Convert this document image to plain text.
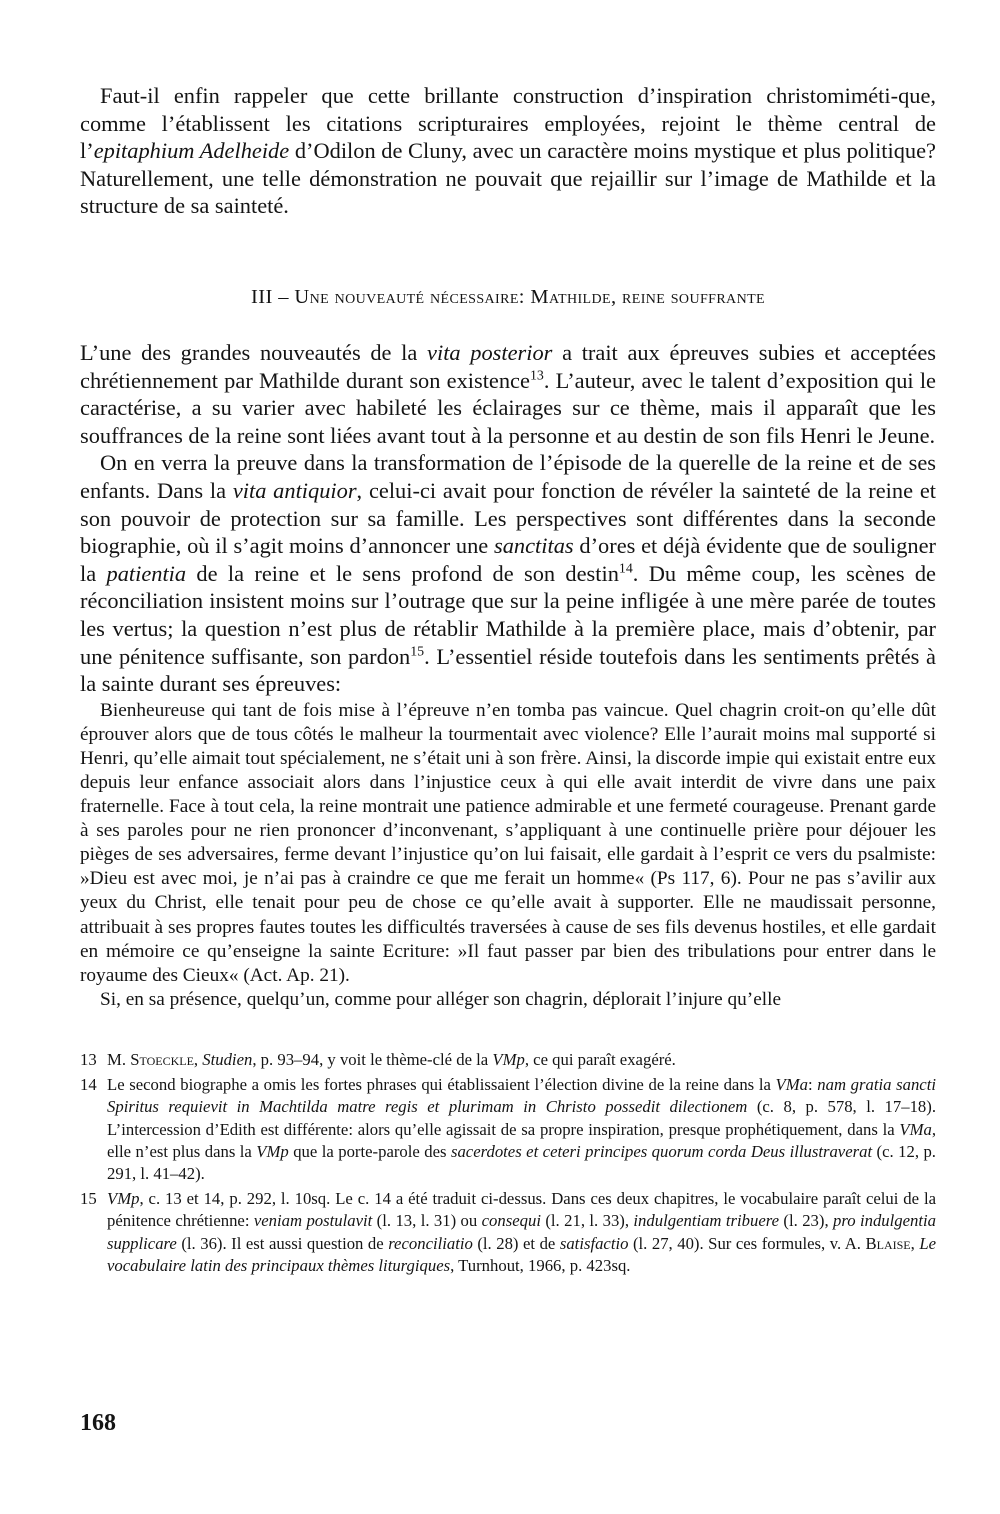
Faut-il enfin rappeler que cette brillante construction d’inspiration christomiméti-que, comme l’établissent les citations scripturaires employées, rejoint le thème central de l’epitaphium Adelheide d’Odilon de Cluny, avec un caractère moins mystique et plus politique? Naturellement, une telle démonstration ne pouvait que rejaillir sur l’image de Mathilde et la structure de sa sainteté.

III – Une nouveauté nécessaire: Mathilde, reine souffrante

L’une des grandes nouveautés de la vita posterior a trait aux épreuves subies et acceptées chrétiennement par Mathilde durant son existence$^{13}$. L’auteur, avec le talent d’exposition qui le caractérise, a su varier avec habileté les éclairages sur ce thème, mais il apparaît que les souffrances de la reine sont liées avant tout à la personne et au destin de son fils Henri le Jeune.

On en verra la preuve dans la transformation de l’épisode de la querelle de la reine et de ses enfants. Dans la vita antiquior, celui-ci avait pour fonction de révéler la sainteté de la reine et son pouvoir de protection sur sa famille. Les perspectives sont différentes dans la seconde biographie, où il s’agit moins d’annoncer une sanctitas d’ores et déjà évidente que de souligner la patientia de la reine et le sens profond de son destin$^{14}$. Du même coup, les scènes de réconciliation insistent moins sur l’outrage que sur la peine infligée à une mère parée de toutes les vertus; la question n’est plus de rétablir Mathilde à la première place, mais d’obtenir, par une pénitence suffisante, son pardon$^{15}$. L’essentiel réside toutefois dans les sentiments prêtés à la sainte durant ses épreuves:

Bienheureuse qui tant de fois mise à l’épreuve n’en tomba pas vaincue. Quel chagrin croit-on qu’elle dût éprouver alors que de tous côtés le malheur la tourmentait avec violence? Elle l’aurait moins mal supporté si Henri, qu’elle aimait tout spécialement, ne s’était uni à son frère. Ainsi, la discorde impie qui existait entre eux depuis leur enfance associait alors dans l’injustice ceux à qui elle avait interdit de vivre dans une paix fraternelle. Face à tout cela, la reine montrait une patience admirable et une fermeté courageuse. Prenant garde à ses paroles pour ne rien prononcer d’inconvenant, s’appliquant à une continuelle prière pour déjouer les pièges de ses adversaires, ferme devant l’injustice qu’on lui faisait, elle gardait à l’esprit ce vers du psalmiste: »Dieu est avec moi, je n’ai pas à craindre ce que me ferait un homme« (Ps 117, 6). Pour ne pas s’avilir aux yeux du Christ, elle tenait pour peu de chose ce qu’elle avait à supporter. Elle ne maudissait personne, attribuait à ses propres fautes toutes les difficultés traversées à cause de ses fils devenus hostiles, et elle gardait en mémoire ce qu’enseigne la sainte Ecriture: »Il faut passer par bien des tribulations pour entrer dans le royaume des Cieux« (Act. Ap. 21).

Si, en sa présence, quelqu’un, comme pour alléger son chagrin, déplorait l’injure qu’elle

13 M. Stoeckle, Studien, p. 93–94, y voit le thème-clé de la VMp, ce qui paraît exagéré.
14 Le second biographe a omis les fortes phrases qui établissaient l’élection divine de la reine dans la VMa: nam gratia sancti Spiritus requievit in Machtilda matre regis et plurimam in Christo possedit dilectionem (c. 8, p. 578, l. 17–18). L’intercession d’Edith est différente: alors qu’elle agissait de sa propre inspiration, presque prophétiquement, dans la VMa, elle n’est plus dans la VMp que la porte-parole des sacerdotes et ceteri principes quorum corda Deus illustraverat (c. 12, p. 291, l. 41–42).
15 VMp, c. 13 et 14, p. 292, l. 10sq. Le c. 14 a été traduit ci-dessus. Dans ces deux chapitres, le vocabulaire paraît celui de la pénitence chrétienne: veniam postulavit (l. 13, l. 31) ou consequi (l. 21, l. 33), indulgentiam tribuere (l. 23), pro indulgentia supplicare (l. 36). Il est aussi question de reconciliatio (l. 28) et de satisfactio (l. 27, 40). Sur ces formules, v. A. Blaise, Le vocabulaire latin des principaux thèmes liturgiques, Turnhout, 1966, p. 423sq.
168
